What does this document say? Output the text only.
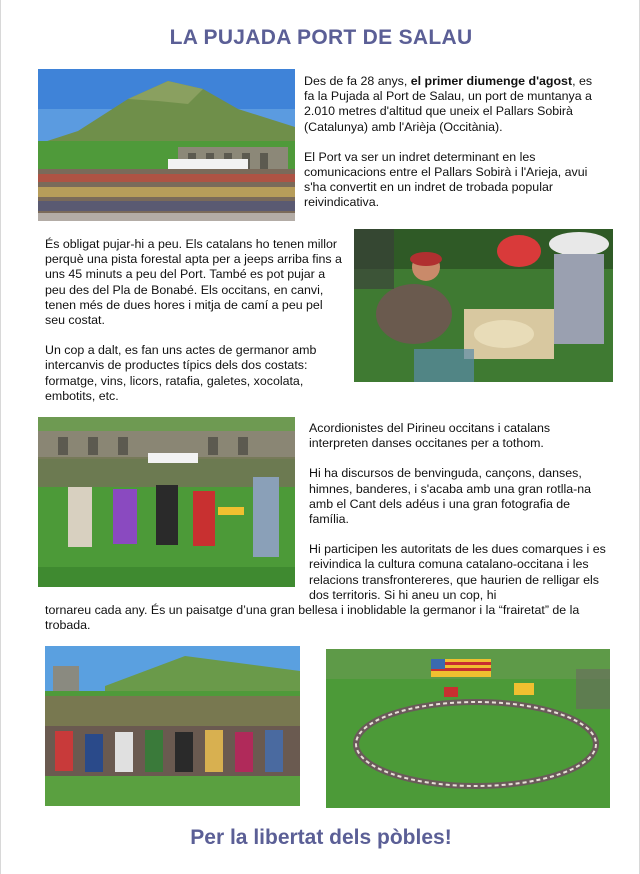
LA PUJADA PORT DE SALAU

Des de fa 28 anys, el primer diumenge d'agost, es fa la Pujada al Port de Salau, un port de muntanya a 2.010 metres d'altitud que uneix el Pallars Sobirà (Catalunya) amb l'Arièja (Occitània).

El Port va ser un indret determinant en les comunicacions entre el Pallars Sobirà i l'Arieja, avui s'ha convertit en un indret de trobada popular reivindicativa.

És obligat pujar-hi a peu. Els catalans ho tenen millor perquè una pista forestal apta per a jeeps arriba fins a uns 45 minuts a peu del Port. També es pot pujar a peu des del Pla de Bonabé. Els occitans, en canvi, tenen més de dues hores i mitja de camí a peu pel seu costat.

Un cop a dalt, es fan uns actes de germanor amb intercanvis de productes típics dels dos costats: formatge, vins, licors, ratafia, galetes, xocolata, embotits, etc.

Acordionistes del Pirineu occitans i catalans interpreten danses occitanes per a tothom.

Hi ha discursos de benvinguda, cançons, danses, himnes, banderes, i s'acaba amb una gran rotlla-na amb el Cant dels adéus i una gran fotografia de família.

Hi participen les autoritats de les dues comarques i es reivindica la cultura comuna catalano-occitana i les relacions transfrontereres, que haurien de relligar els dos territoris. Si hi aneu un cop, hi

tornareu cada any. És un paisatge d’una gran bellesa i inoblidable la germanor i la “frairetat” de la trobada.

Per la libertat dels pòbles!
